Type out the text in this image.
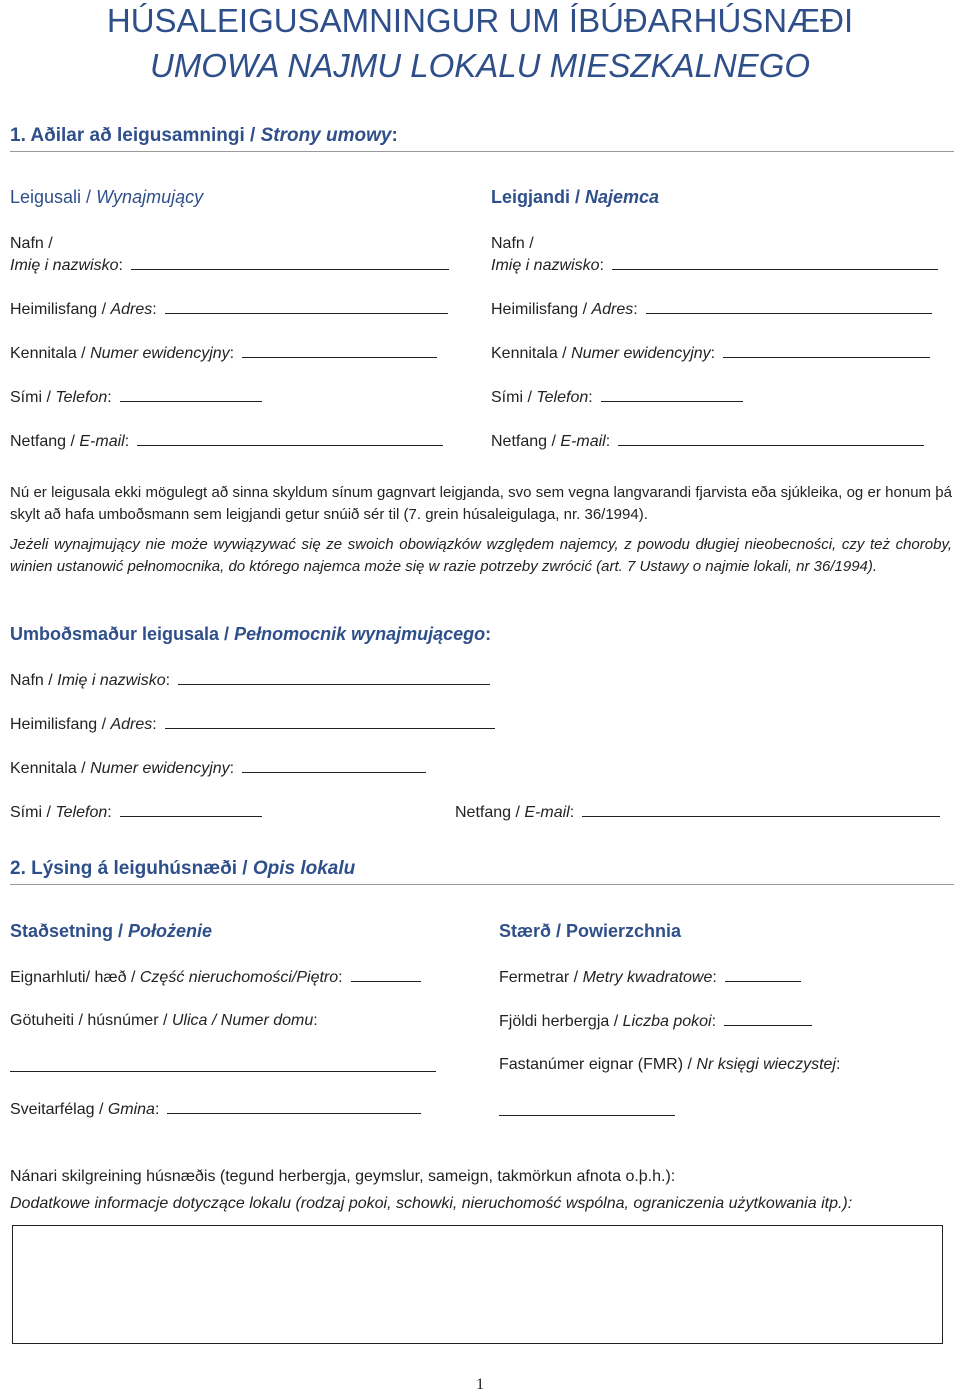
HÚSALEIGUSAMNINGUR UM ÍBÚÐARHÚSNÆÐI
UMOWA NAJMU LOKALU MIESZKALNEGO
1. Aðilar að leigusamningi / Strony umowy:
Leigusali / Wynajmujący
Nafn /
Imię i nazwisko:
Heimilisfang / Adres:
Kennitala / Numer ewidencyjny:
Sími / Telefon:
Netfang / E-mail:
Leigjandi / Najemca
Nafn /
Imię i nazwisko:
Heimilisfang / Adres:
Kennitala / Numer ewidencyjny:
Sími / Telefon:
Netfang / E-mail:
Nú er leigusala ekki mögulegt að sinna skyldum sínum gagnvart leigjanda, svo sem vegna langvarandi fjarvista eða sjúkleika, og er honum þá skylt að hafa umboðsmann sem leigjandi getur snúið sér til (7. grein húsaleigulaga, nr. 36/1994).
Jeżeli wynajmujący nie może wywiązywać się ze swoich obowiązków względem najemcy, z powodu długiej nieobecności, czy też choroby, winien ustanowić pełnomocnika, do którego najemca może się w razie potrzeby zwrócić (art. 7 Ustawy o najmie lokali, nr 36/1994).
Umboðsmaður leigusala / Pełnomocnik wynajmującego:
Nafn / Imię i nazwisko:
Heimilisfang / Adres:
Kennitala / Numer ewidencyjny:
Sími / Telefon:	Netfang / E-mail:
2. Lýsing á leiguhúsnæði / Opis lokalu
Staðsetning / Położenie
Eignarhluti/ hæð / Część nieruchomości/Piętro:
Götuheiti / húsnúmer / Ulica / Numer domu:
Sveitarfélag / Gmina:
Stærð / Powierzchnia
Fermetrar / Metry kwadratowe:
Fjöldi herbergja / Liczba pokoi:
Fastanúmer eignar (FMR) / Nr księgi wieczystej:
Nánari skilgreining húsnæðis (tegund herbergja, geymslur, sameign, takmörkun afnota o.þ.h.):
Dodatkowe informacje dotyczące lokalu (rodzaj pokoi, schowki, nieruchomość wspólna, ograniczenia użytkowania itp.):
1
